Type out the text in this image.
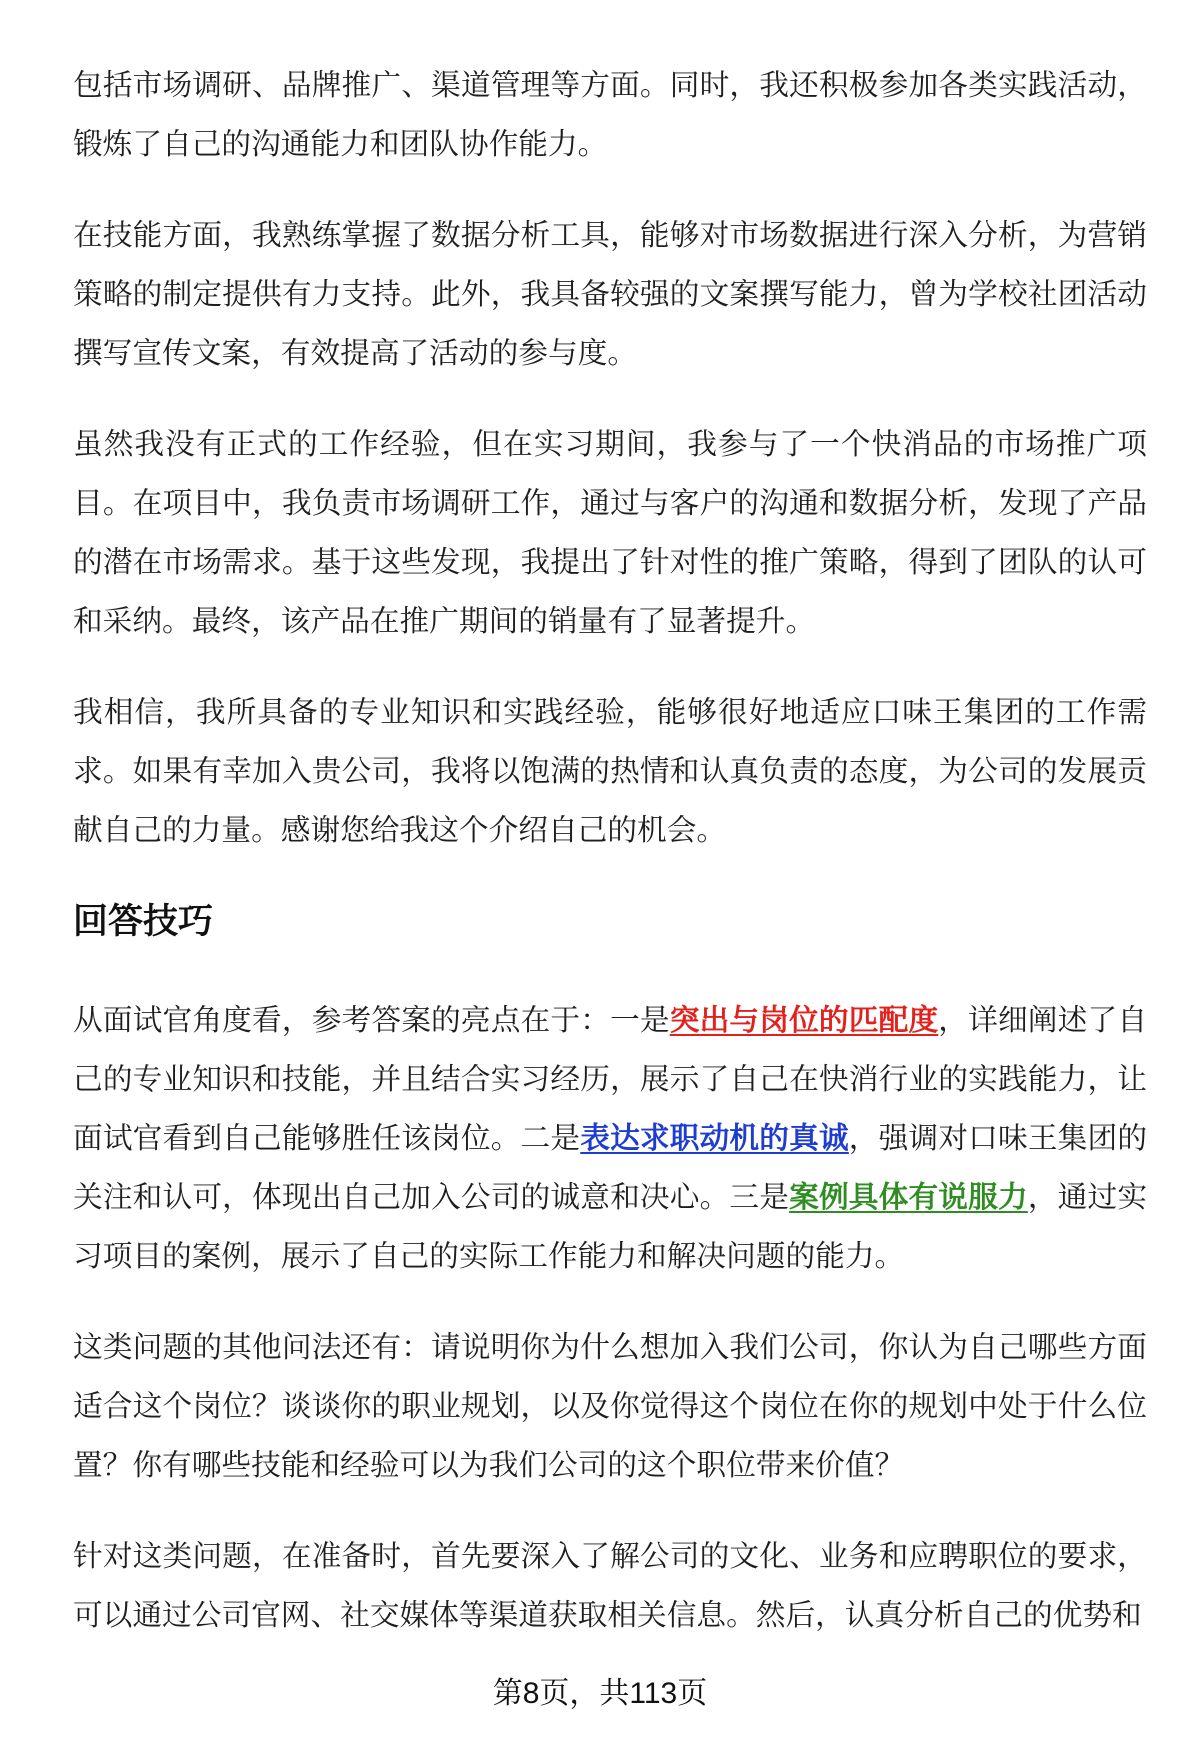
包括市场调研、品牌推广、渠道管理等方面。同时，我还积极参加各类实践活动，锻炼了自己的沟通能力和团队协作能力。

在技能方面，我熟练掌握了数据分析工具，能够对市场数据进行深入分析，为营销策略的制定提供有力支持。此外，我具备较强的文案撰写能力，曾为学校社团活动撰写宣传文案，有效提高了活动的参与度。

虽然我没有正式的工作经验，但在实习期间，我参与了一个快消品的市场推广项目。在项目中，我负责市场调研工作，通过与客户的沟通和数据分析，发现了产品的潜在市场需求。基于这些发现，我提出了针对性的推广策略，得到了团队的认可和采纳。最终，该产品在推广期间的销量有了显著提升。

我相信，我所具备的专业知识和实践经验，能够很好地适应口味王集团的工作需求。如果有幸加入贵公司，我将以饱满的热情和认真负责的态度，为公司的发展贡献自己的力量。感谢您给我这个介绍自己的机会。

回答技巧

从面试官角度看，参考答案的亮点在于：一是突出与岗位的匹配度，详细阐述了自己的专业知识和技能，并且结合实习经历，展示了自己在快消行业的实践能力，让面试官看到自己能够胜任该岗位。二是表达求职动机的真诚，强调对口味王集团的关注和认可，体现出自己加入公司的诚意和决心。三是案例具体有说服力，通过实习项目的案例，展示了自己的实际工作能力和解决问题的能力。

这类问题的其他问法还有：请说明你为什么想加入我们公司，你认为自己哪些方面适合这个岗位？谈谈你的职业规划，以及你觉得这个岗位在你的规划中处于什么位置？你有哪些技能和经验可以为我们公司的这个职位带来价值？

针对这类问题，在准备时，首先要深入了解公司的文化、业务和应聘职位的要求，可以通过公司官网、社交媒体等渠道获取相关信息。然后，认真分析自己的优势和

第8页，共113页
